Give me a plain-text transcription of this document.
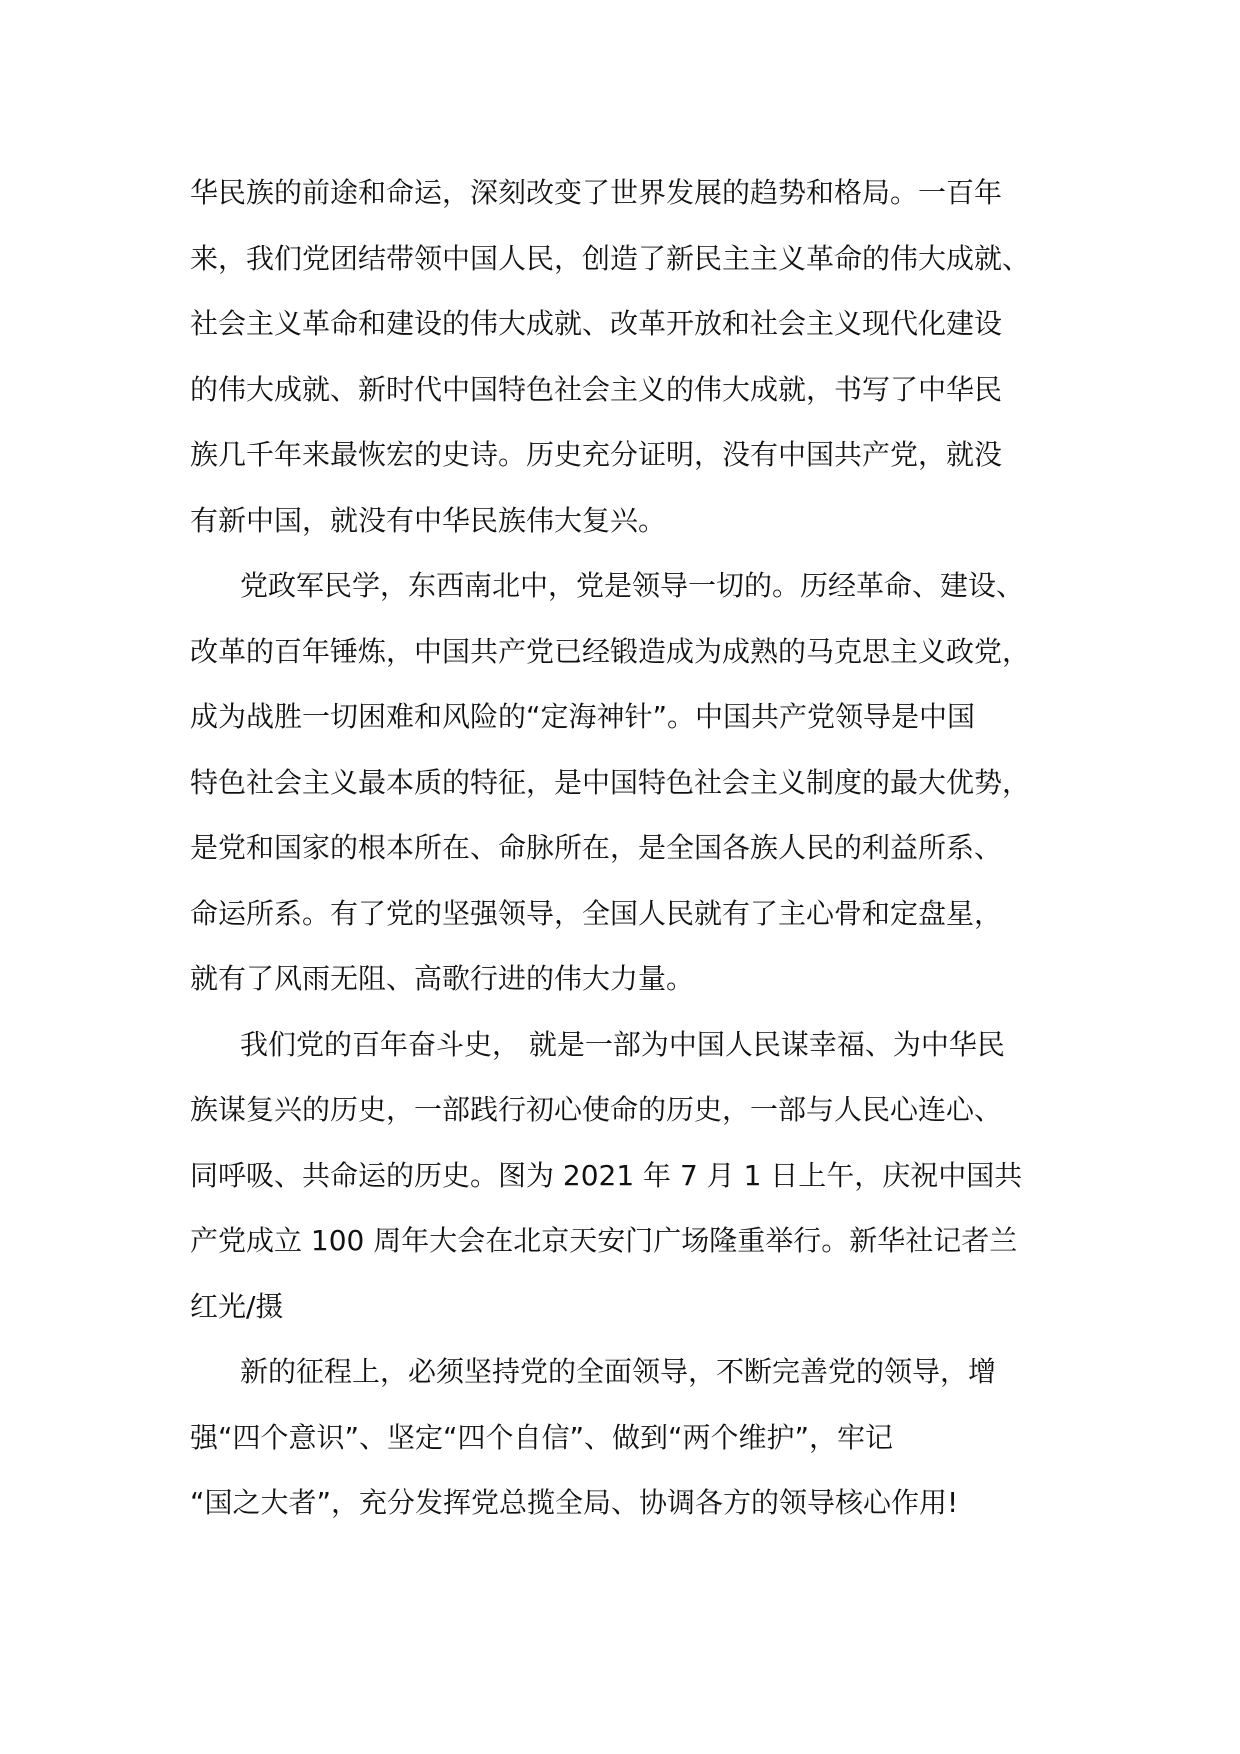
华民族的前途和命运，深刻改变了世界发展的趋势和格局。一百年
来，我们党团结带领中国人民，创造了新民主主义革命的伟大成就、
社会主义革命和建设的伟大成就、改革开放和社会主义现代化建设
的伟大成就、新时代中国特色社会主义的伟大成就，书写了中华民
族几千年来最恢宏的史诗。历史充分证明，没有中国共产党，就没
有新中国，就没有中华民族伟大复兴。
党政军民学，东西南北中，党是领导一切的。历经革命、建设、
改革的百年锤炼，中国共产党已经锻造成为成熟的马克思主义政党，
成为战胜一切困难和风险的“定海神针”。中国共产党领导是中国
特色社会主义最本质的特征，是中国特色社会主义制度的最大优势，
是党和国家的根本所在、命脉所在，是全国各族人民的利益所系、
命运所系。有了党的坚强领导，全国人民就有了主心骨和定盘星，
就有了风雨无阻、高歌行进的伟大力量。
我们党的百年奋斗史， 就是一部为中国人民谋幸福、为中华民
族谋复兴的历史，一部践行初心使命的历史，一部与人民心连心、
同呼吸、共命运的历史。图为 2021 年 7 月 1 日上午，庆祝中国共
产党成立 100 周年大会在北京天安门广场隆重举行。新华社记者兰
红光/摄
新的征程上，必须坚持党的全面领导，不断完善党的领导，增
强“四个意识”、坚定“四个自信”、做到“两个维护”，牢记
“国之大者”，充分发挥党总揽全局、协调各方的领导核心作用!
